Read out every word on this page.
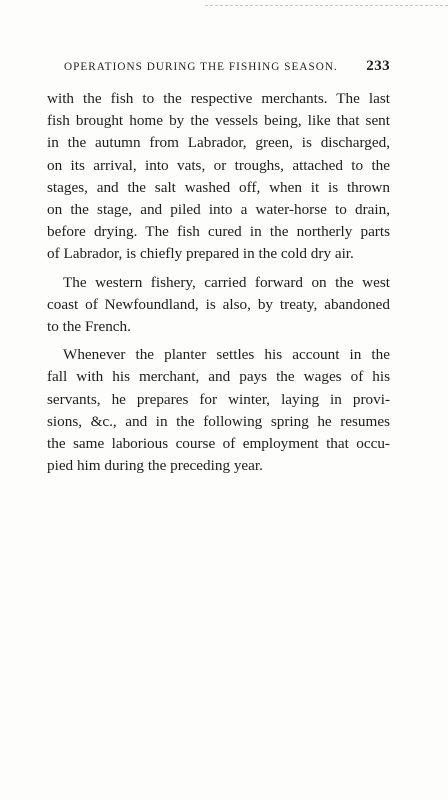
OPERATIONS DURING THE FISHING SEASON. 233

with the fish to the respective merchants. The last
fish brought home by the vessels being, like that sent
in the autumn from Labrador, green, is discharged,
on its arrival, into vats, or troughs, attached to the
stages, and the salt washed off, when it is thrown
on the stage, and piled into a water-horse to drain,
before drying. The fish cured in the northerly parts
of Labrador, is chiefly prepared in the cold dry air.

The western fishery, carried forward on the west
coast of Newfoundland, is also, by treaty, abandoned
to the French.

Whenever the planter settles his account in the
fall with his merchant, and pays the wages of his
servants, he prepares for winter, laying in provi-
sions, &c., and in the following spring he resumes
the same laborious course of employment that occu-
pied him during the preceding year.
